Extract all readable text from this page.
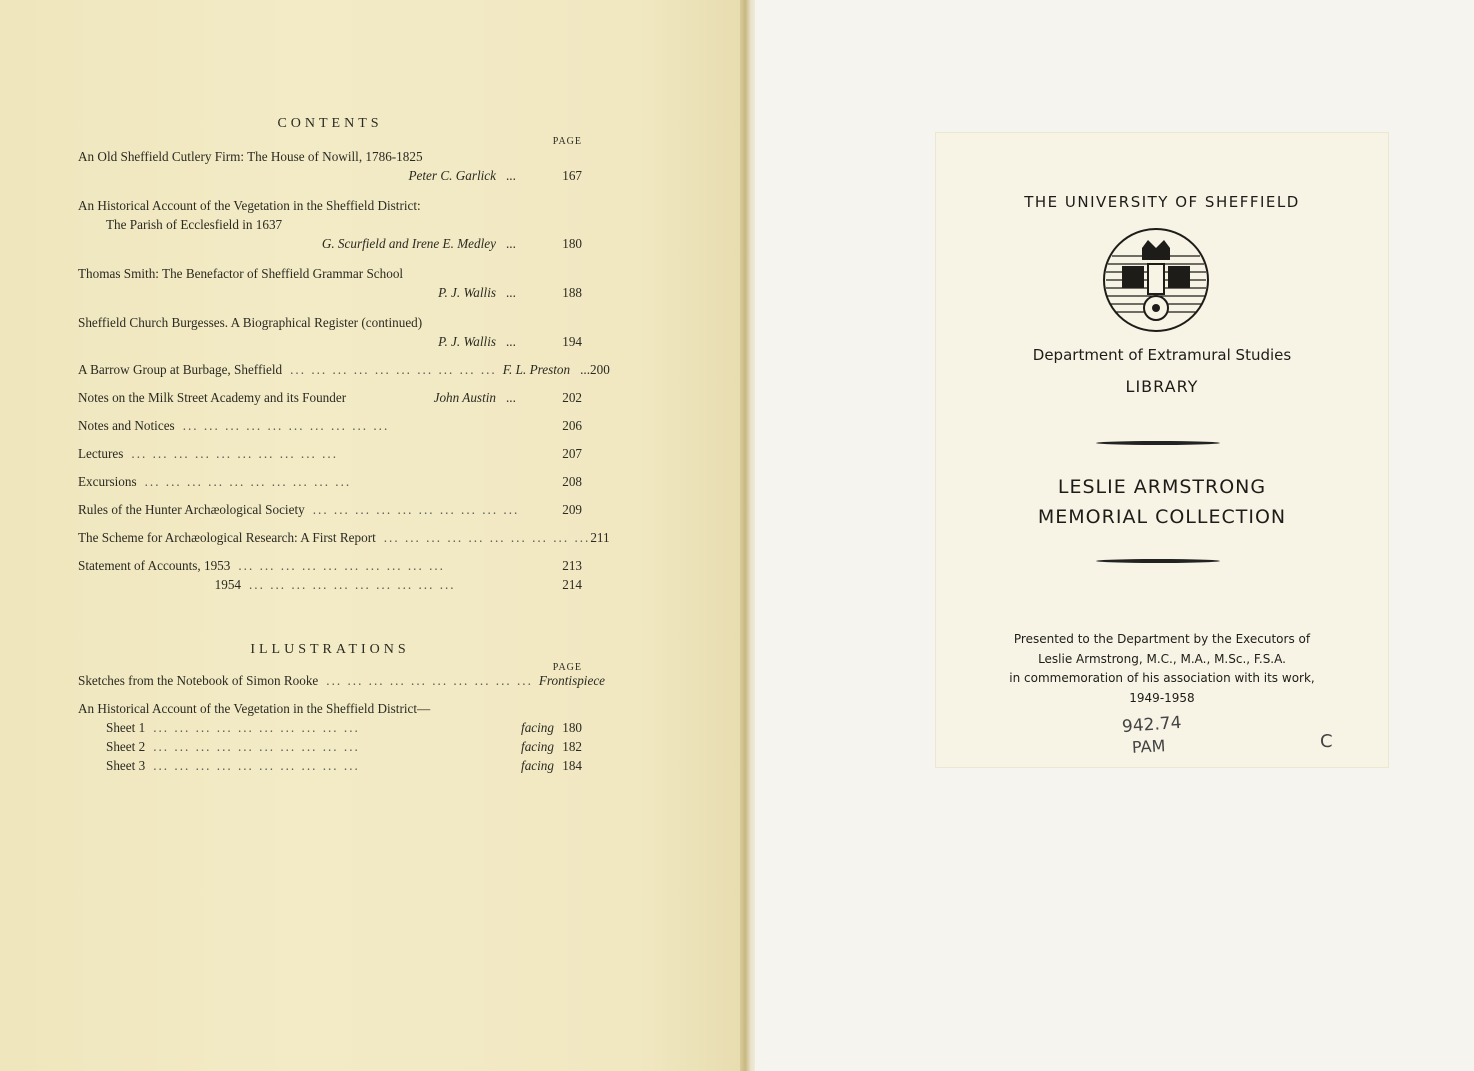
CONTENTS

PAGE
An Old Sheffield Cutlery Firm: The House of Nowill, 1786-1825
Peter C. Garlick ...	167
An Historical Account of the Vegetation in the Sheffield District:
The Parish of Ecclesfield in 1637
G. Scurfield and Irene E. Medley ...	180
Thomas Smith: The Benefactor of Sheffield Grammar School
P. J. Wallis ...	188
Sheffield Church Burgesses. A Biographical Register (continued)
P. J. Wallis ...	194
A Barrow Group at Burbage, Sheffield ... ... ... ... ... ... ... ... ... ... F. L. Preston ... 200
Notes on the Milk Street Academy and its Founder	John Austin ...	202
Notes and Notices ... ... ... ... ... ... ... ... ... ...	206
Lectures ... ... ... ... ... ... ... ... ... ...	207
Excursions ... ... ... ... ... ... ... ... ... ...	208
Rules of the Hunter Archæological Society ... ... ... ... ... ... ... ... ... ...	209
The Scheme for Archæological Research: A First Report ... ... ... ... ... ... ... ... ... ... 211
Statement of Accounts, 1953 ... ... ... ... ... ... ... ... ... ...	213
1954 ... ... ... ... ... ... ... ... ... ...	214

ILLUSTRATIONS

PAGE
Sketches from the Notebook of Simon Rooke ... ... ... ... ... ... ... ... ... ... Frontispiece
An Historical Account of the Vegetation in the Sheffield District—
Sheet 1 ... ... ... ... ... ... ... ... ... ...	facing 180
Sheet 2 ... ... ... ... ... ... ... ... ... ...	facing 182
Sheet 3 ... ... ... ... ... ... ... ... ... ...	facing 184
THE UNIVERSITY OF SHEFFIELD
Department of Extramural Studies
LIBRARY
LESLIE ARMSTRONG
MEMORIAL COLLECTION
Presented to the Department by the Executors of
Leslie Armstrong, M.C., M.A., M.Sc., F.S.A.
in commemoration of his association with its work,
1949-1958
942.74
PAM	C
